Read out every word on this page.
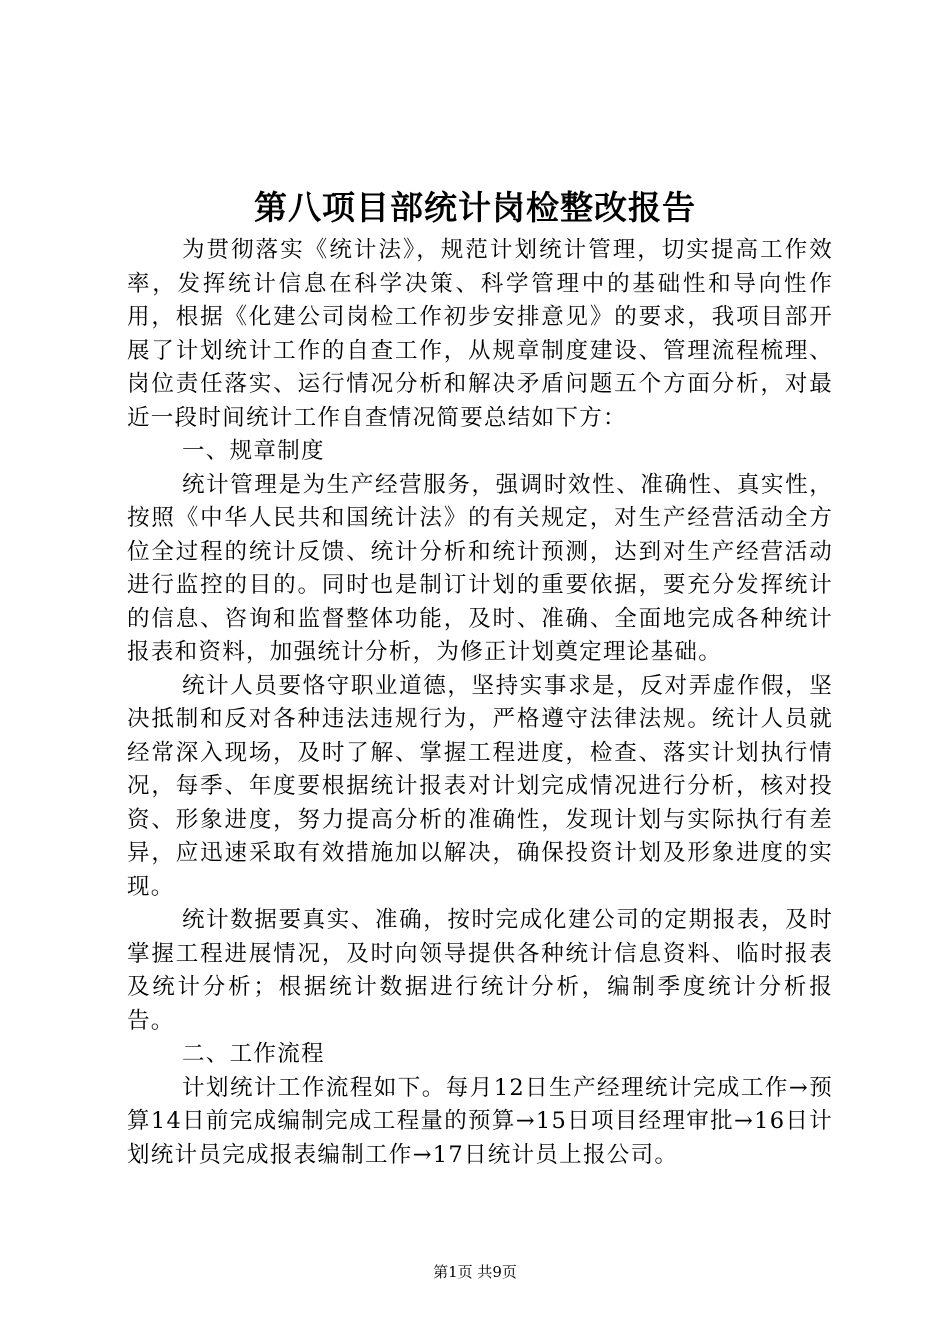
第八项目部统计岗检整改报告

为贯彻落实《统计法》，规范计划统计管理，切实提高工作效率，发挥统计信息在科学决策、科学管理中的基础性和导向性作用，根据《化建公司岗检工作初步安排意见》的要求，我项目部开展了计划统计工作的自查工作，从规章制度建设、管理流程梳理、岗位责任落实、运行情况分析和解决矛盾问题五个方面分析，对最近一段时间统计工作自查情况简要总结如下方：

一、规章制度

统计管理是为生产经营服务，强调时效性、准确性、真实性，按照《中华人民共和国统计法》的有关规定，对生产经营活动全方位全过程的统计反馈、统计分析和统计预测，达到对生产经营活动进行监控的目的。同时也是制订计划的重要依据，要充分发挥统计的信息、咨询和监督整体功能，及时、准确、全面地完成各种统计报表和资料，加强统计分析，为修正计划奠定理论基础。

统计人员要恪守职业道德，坚持实事求是，反对弄虚作假，坚决抵制和反对各种违法违规行为，严格遵守法律法规。统计人员就经常深入现场，及时了解、掌握工程进度，检查、落实计划执行情况，每季、年度要根据统计报表对计划完成情况进行分析，核对投资、形象进度，努力提高分析的准确性，发现计划与实际执行有差异，应迅速采取有效措施加以解决，确保投资计划及形象进度的实现。

统计数据要真实、准确，按时完成化建公司的定期报表，及时掌握工程进展情况，及时向领导提供各种统计信息资料、临时报表及统计分析；根据统计数据进行统计分析，编制季度统计分析报告。

二、工作流程

计划统计工作流程如下。每月12日生产经理统计完成工作→预算14日前完成编制完成工程量的预算→15日项目经理审批→16日计划统计员完成报表编制工作→17日统计员上报公司。

第1页 共9页
